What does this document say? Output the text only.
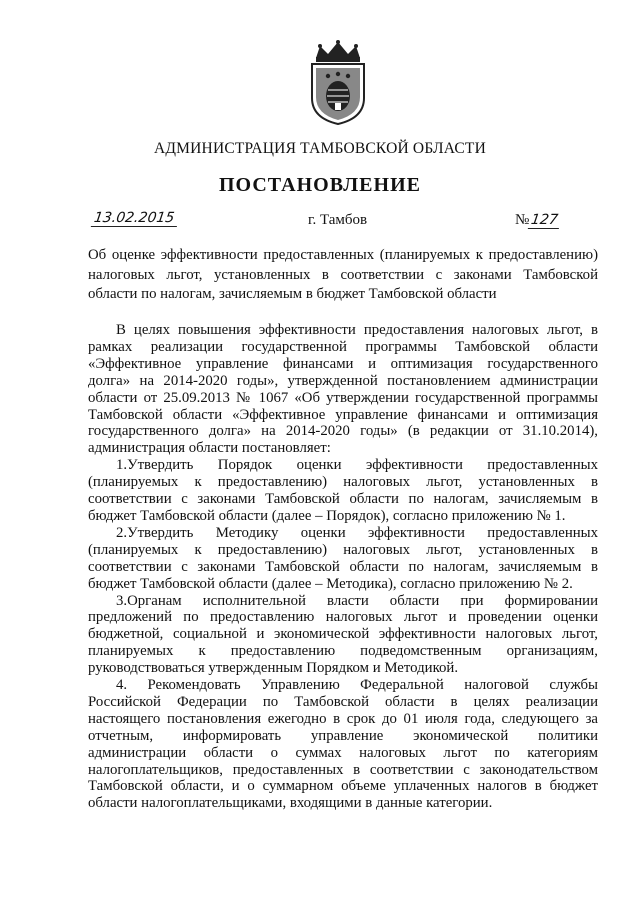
АДМИНИСТРАЦИЯ ТАМБОВСКОЙ ОБЛАСТИ
ПОСТАНОВЛЕНИЕ
13.02.2015	г. Тамбов	№127
Об оценке эффективности предоставленных (планируемых к предоставлению)
налоговых льгот, установленных в соответствии с законами Тамбовской
области по налогам, зачисляемым в бюджет Тамбовской области
В целях повышения эффективности предоставления налоговых льгот, в
рамках реализации государственной программы Тамбовской области
«Эффективное управление финансами и оптимизация государственного
долга» на 2014-2020 годы», утвержденной постановлением администрации
области от 25.09.2013 № 1067 «Об утверждении государственной программы
Тамбовской области «Эффективное управление финансами и оптимизация
государственного долга» на 2014-2020 годы» (в редакции от 31.10.2014),
администрация области постановляет:
1.Утвердить Порядок оценки эффективности предоставленных
(планируемых к предоставлению) налоговых льгот, установленных в
соответствии с законами Тамбовской области по налогам, зачисляемым в
бюджет Тамбовской области (далее – Порядок), согласно приложению № 1.
2.Утвердить Методику оценки эффективности предоставленных
(планируемых к предоставлению) налоговых льгот, установленных в
соответствии с законами Тамбовской области по налогам, зачисляемым в
бюджет Тамбовской области (далее – Методика), согласно приложению № 2.
3.Органам исполнительной власти области при формировании
предложений по предоставлению налоговых льгот и проведении оценки
бюджетной, социальной и экономической эффективности налоговых льгот,
планируемых к предоставлению подведомственным организациям,
руководствоваться утвержденным Порядком и Методикой.
4. Рекомендовать Управлению Федеральной налоговой службы
Российской Федерации по Тамбовской области в целях реализации
настоящего постановления ежегодно в срок до 01 июля года, следующего за
отчетным, информировать управление экономической политики
администрации области о суммах налоговых льгот по категориям
налогоплательщиков, предоставленных в соответствии с законодательством
Тамбовской области, и о суммарном объеме уплаченных налогов в бюджет
области налогоплательщиками, входящими в данные категории.
